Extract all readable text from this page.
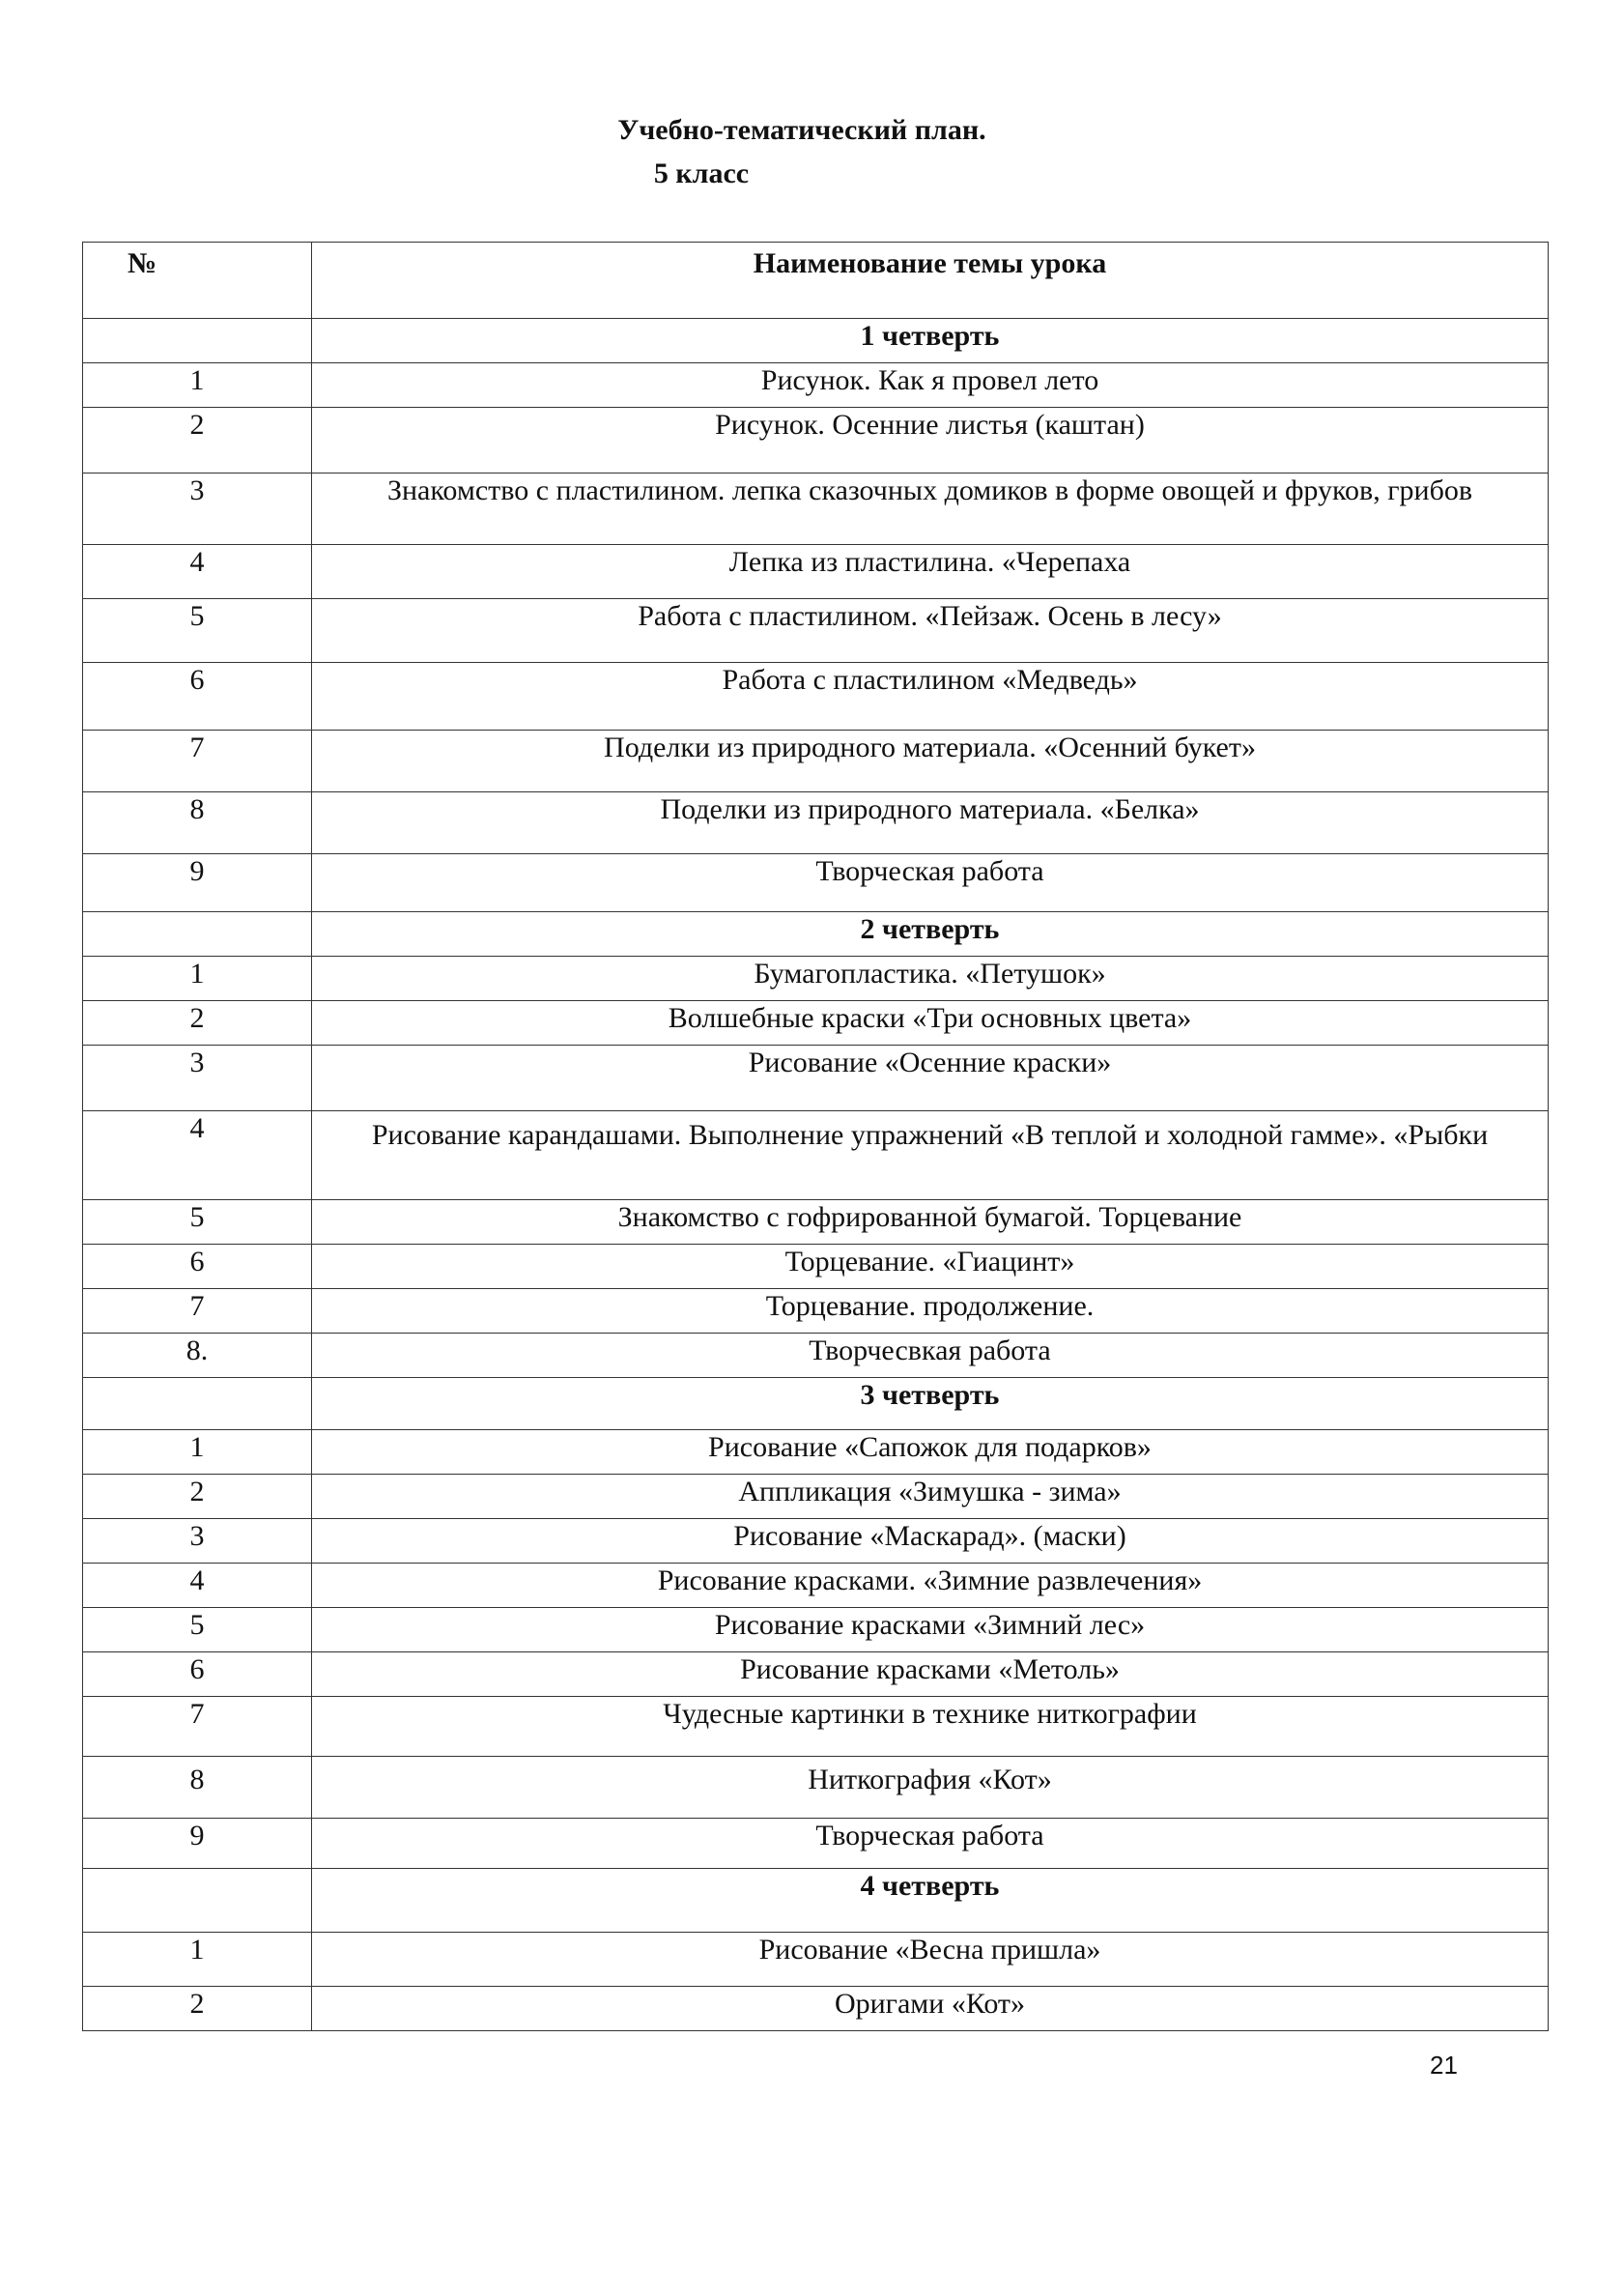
Учебно-тематический план.
5 класс
№	Наименование темы урока
	1 четверть
1	Рисунок. Как я провел лето
2	Рисунок. Осенние листья (каштан)
3	Знакомство с пластилином. лепка сказочных домиков в форме овощей и фруков, грибов
4	Лепка из пластилина. «Черепаха
5	Работа с пластилином. «Пейзаж. Осень в лесу»
6	Работа с пластилином «Медведь»
7	Поделки из природного материала. «Осенний букет»
8	Поделки из природного материала. «Белка»
9	Творческая работа
	2 четверть
1	Бумагопластика. «Петушок»
2	Волшебные краски «Три основных цвета»
3	Рисование «Осенние краски»
4	Рисование карандашами. Выполнение упражнений «В теплой и холодной гамме». «Рыбки
5	Знакомство с гофрированной бумагой. Торцевание
6	Торцевание. «Гиацинт»
7	Торцевание. продолжение.
8.	Творчесвкая работа
	3 четверть
1	Рисование «Сапожок для подарков»
2	Аппликация «Зимушка - зима»
3	Рисование «Маскарад». (маски)
4	Рисование красками. «Зимние развлечения»
5	Рисование красками «Зимний лес»
6	Рисование красками «Метоль»
7	Чудесные картинки в технике ниткографии
8	Ниткография «Кот»
9	Творческая работа
	4 четверть
1	Рисование «Весна пришла»
2	Оригами «Кот»
21
